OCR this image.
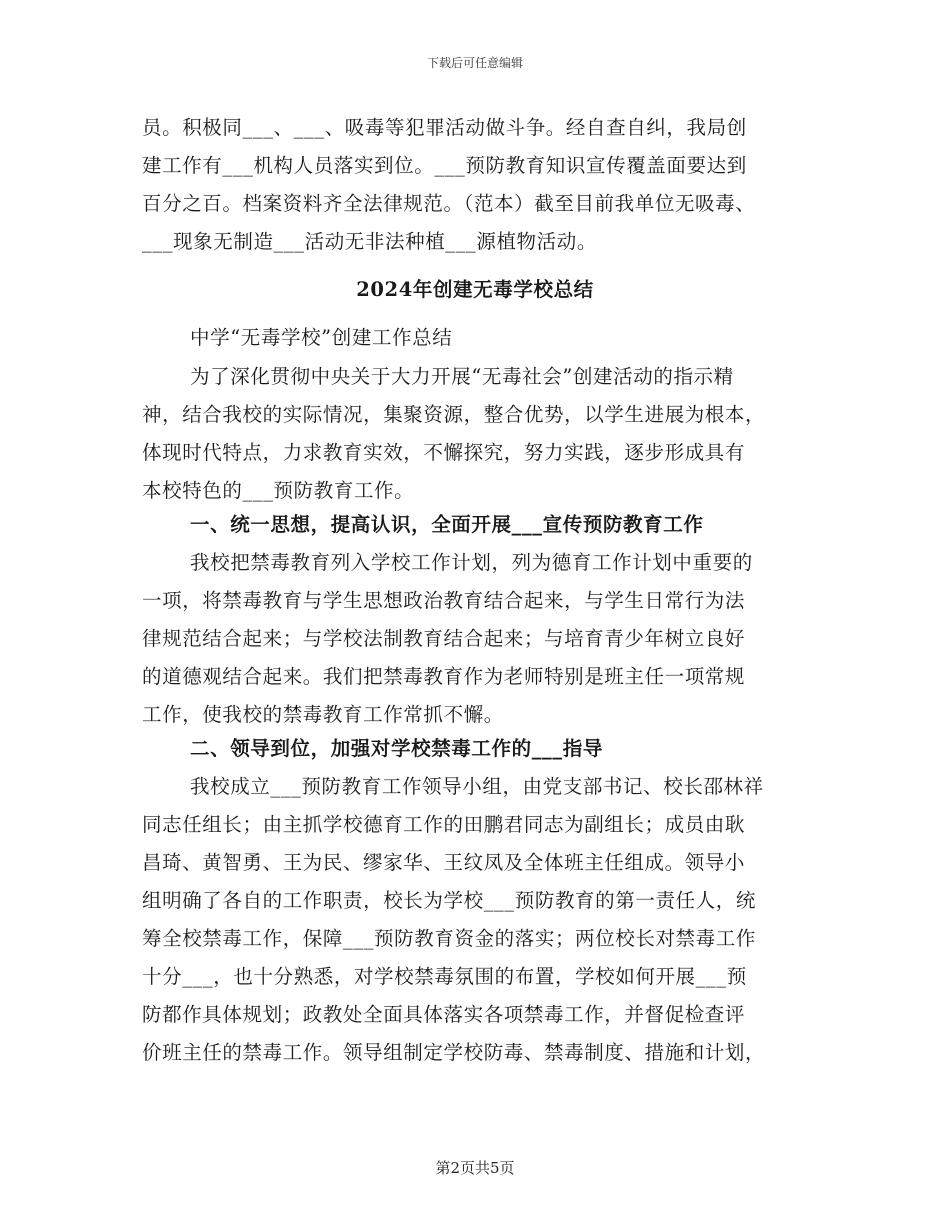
下载后可任意编辑
员。积极同___、___、吸毒等犯罪活动做斗争。经自查自纠，我局创
建工作有___机构人员落实到位。___预防教育知识宣传覆盖面要达到
百分之百。档案资料齐全法律规范。（范本）截至目前我单位无吸毒、
___现象无制造___活动无非法种植___源植物活动。
2024年创建无毒学校总结
中学“无毒学校”创建工作总结
为了深化贯彻中央关于大力开展“无毒社会”创建活动的指示精
神，结合我校的实际情况，集聚资源，整合优势，以学生进展为根本，
体现时代特点，力求教育实效，不懈探究，努力实践，逐步形成具有
本校特色的___预防教育工作。
一、统一思想，提高认识，全面开展___宣传预防教育工作
我校把禁毒教育列入学校工作计划，列为德育工作计划中重要的
一项，将禁毒教育与学生思想政治教育结合起来，与学生日常行为法
律规范结合起来；与学校法制教育结合起来；与培育青少年树立良好
的道德观结合起来。我们把禁毒教育作为老师特别是班主任一项常规
工作，使我校的禁毒教育工作常抓不懈。
二、领导到位，加强对学校禁毒工作的___指导
我校成立___预防教育工作领导小组，由党支部书记、校长邵林祥
同志任组长；由主抓学校德育工作的田鹏君同志为副组长；成员由耿
昌琦、黄智勇、王为民、缪家华、王纹凤及全体班主任组成。领导小
组明确了各自的工作职责，校长为学校___预防教育的第一责任人，统
筹全校禁毒工作，保障___预防教育资金的落实；两位校长对禁毒工作
十分___，也十分熟悉，对学校禁毒氛围的布置，学校如何开展___预
防都作具体规划；政教处全面具体落实各项禁毒工作，并督促检查评
价班主任的禁毒工作。领导组制定学校防毒、禁毒制度、措施和计划，
第2页共5页
